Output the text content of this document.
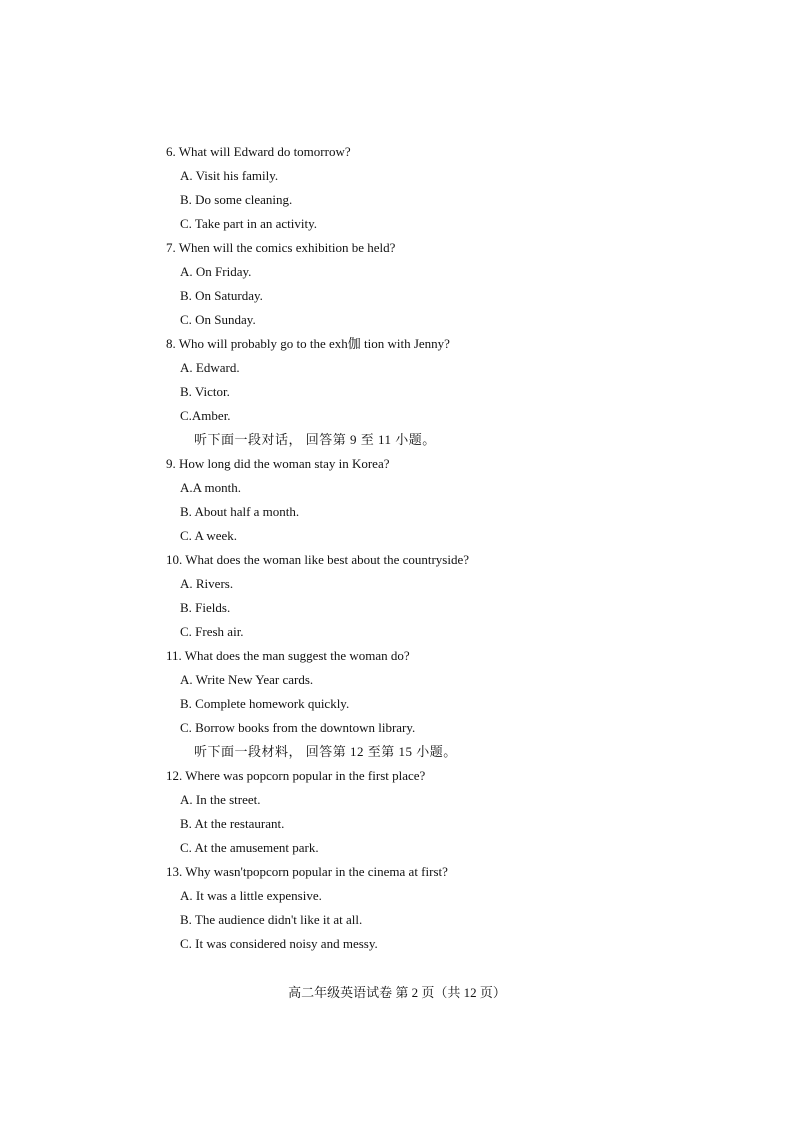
6. What will Edward do tomorrow?
A. Visit his family.
B. Do some cleaning.
C. Take part in an activity.
7. When will the comics exhibition be held?
A. On Friday.
B. On Saturday.
C. On Sunday.
8. Who will probably go to the exh伽 tion with Jenny?
A. Edward.
B. Victor.
C.Amber.
听下面一段对话， 回答第 9 至 11 小题。
9. How long did the woman stay in Korea?
A.A month.
B. About half a month.
C. A week.
10. What does the woman like best about the countryside?
A. Rivers.
B. Fields.
C. Fresh air.
11. What does the man suggest the woman do?
A. Write New Year cards.
B. Complete homework quickly.
C. Borrow books from the downtown library.
听下面一段材料， 回答第 12 至第 15 小题。
12. Where was popcorn popular in the first place?
A. In the street.
B. At the restaurant.
C. At the amusement park.
13. Why wasn'tpopcorn popular in the cinema at first?
A. It was a little expensive.
B. The audience didn't like it at all.
C. It was considered noisy and messy.
高二年级英语试卷 第 2 页（共 12 页）
